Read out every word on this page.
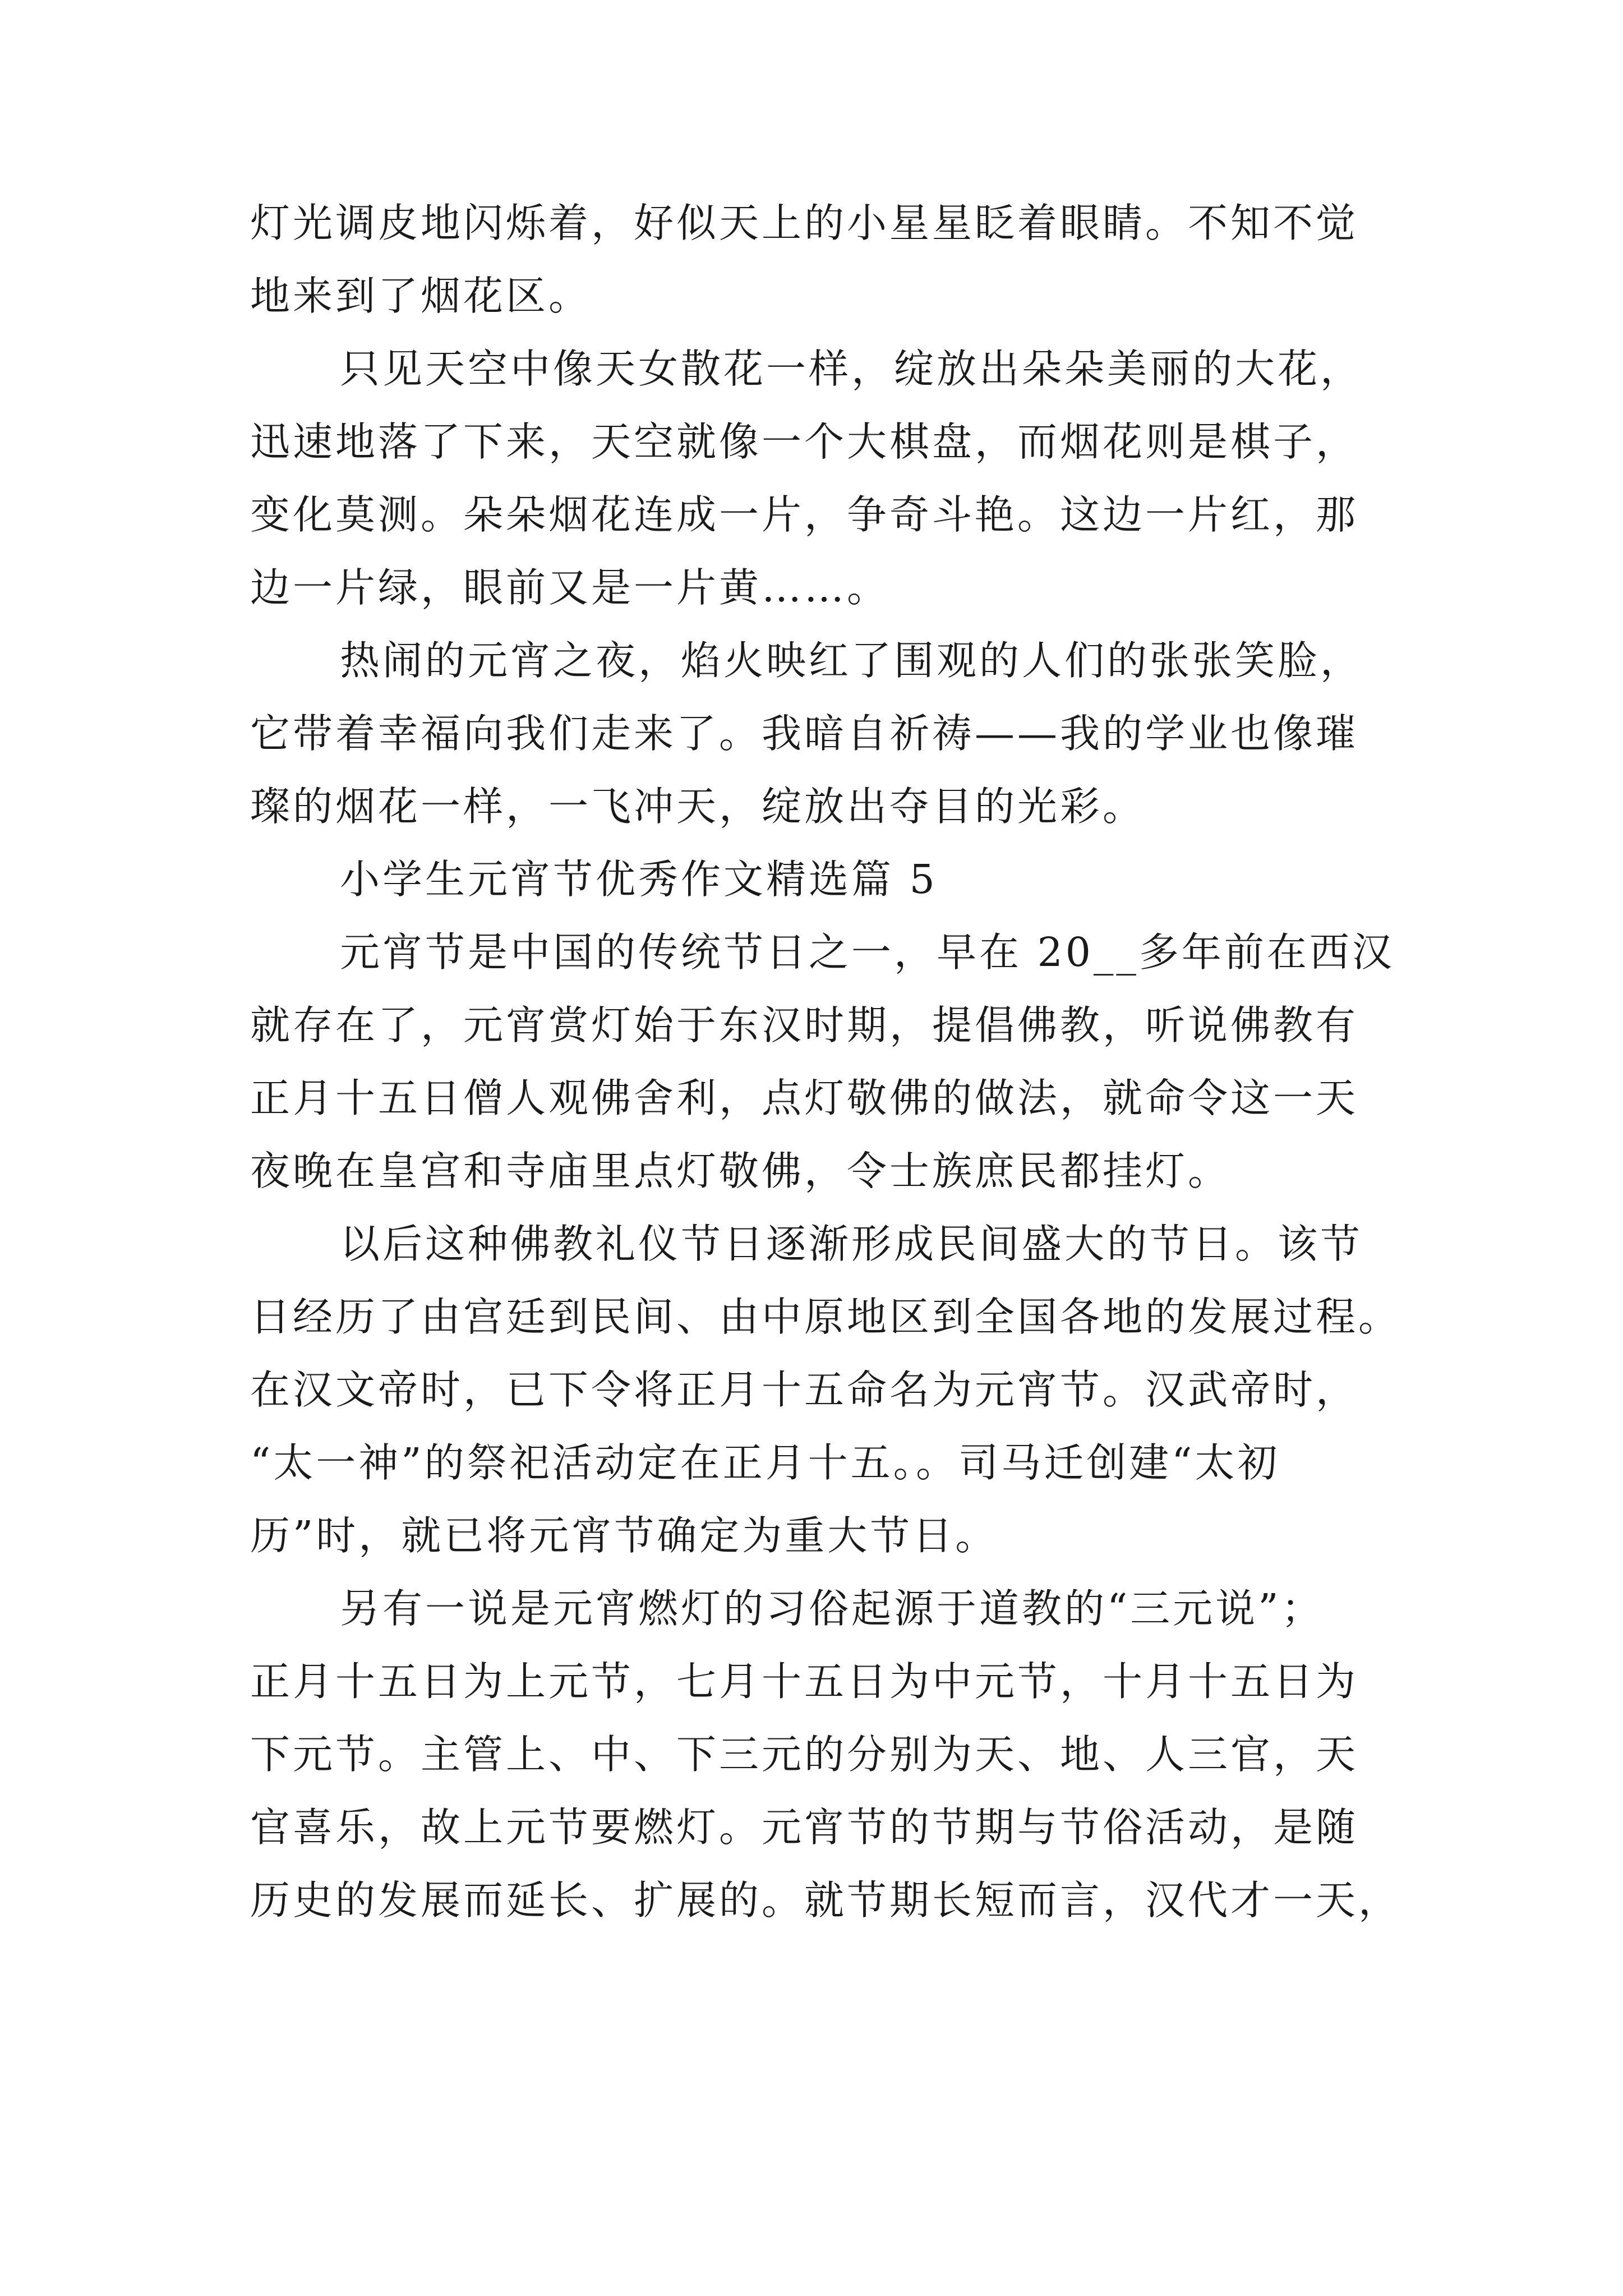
灯光调皮地闪烁着，好似天上的小星星眨着眼睛。不知不觉
地来到了烟花区。
只见天空中像天女散花一样，绽放出朵朵美丽的大花，
迅速地落了下来，天空就像一个大棋盘，而烟花则是棋子，
变化莫测。朵朵烟花连成一片，争奇斗艳。这边一片红，那
边一片绿，眼前又是一片黄……。
热闹的元宵之夜，焰火映红了围观的人们的张张笑脸，
它带着幸福向我们走来了。我暗自祈祷——我的学业也像璀
璨的烟花一样，一飞冲天，绽放出夺目的光彩。
小学生元宵节优秀作文精选篇 5
元宵节是中国的传统节日之一，早在 20__多年前在西汉
就存在了，元宵赏灯始于东汉时期，提倡佛教，听说佛教有
正月十五日僧人观佛舍利，点灯敬佛的做法，就命令这一天
夜晚在皇宫和寺庙里点灯敬佛，令士族庶民都挂灯。
以后这种佛教礼仪节日逐渐形成民间盛大的节日。该节
日经历了由宫廷到民间、由中原地区到全国各地的发展过程。
在汉文帝时，已下令将正月十五命名为元宵节。汉武帝时，
“太一神”的祭祀活动定在正月十五。。司马迁创建“太初
历”时，就已将元宵节确定为重大节日。
另有一说是元宵燃灯的习俗起源于道教的“三元说”；
正月十五日为上元节，七月十五日为中元节，十月十五日为
下元节。主管上、中、下三元的分别为天、地、人三官，天
官喜乐，故上元节要燃灯。元宵节的节期与节俗活动，是随
历史的发展而延长、扩展的。就节期长短而言，汉代才一天，
